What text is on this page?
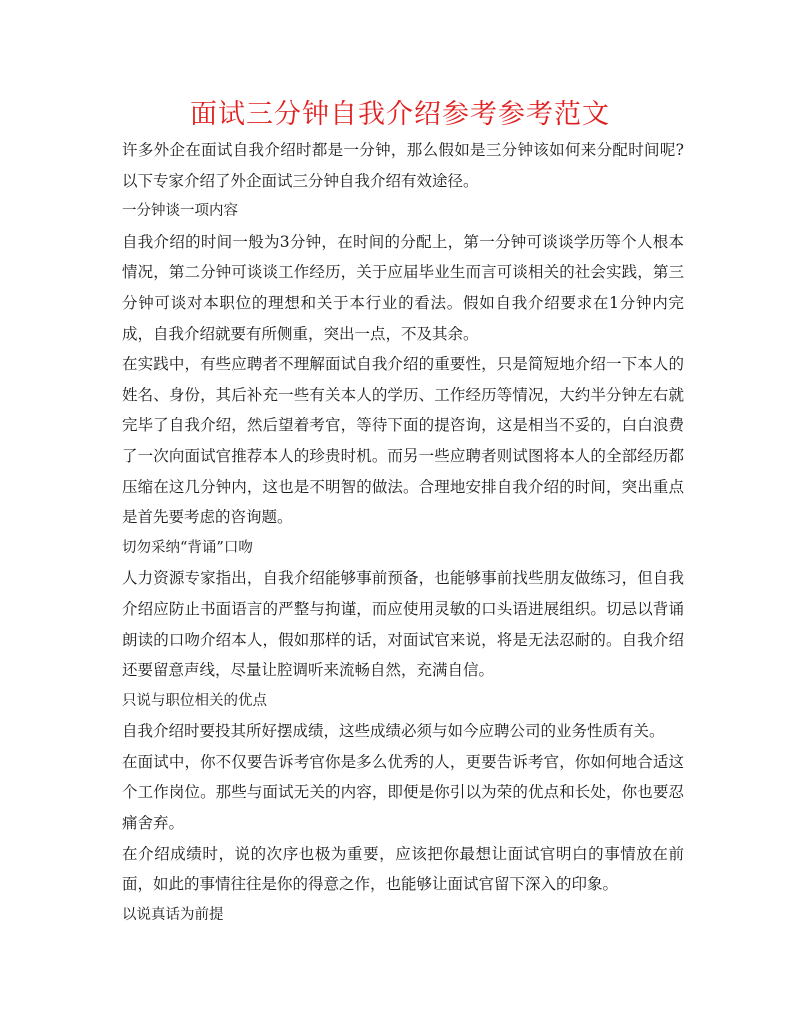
面试三分钟自我介绍参考参考范文

许多外企在面试自我介绍时都是一分钟，那么假如是三分钟该如何来分配时间呢?以下专家介绍了外企面试三分钟自我介绍有效途径。

一分钟谈一项内容

自我介绍的时间一般为3分钟，在时间的分配上，第一分钟可谈谈学历等个人根本情况，第二分钟可谈谈工作经历，关于应届毕业生而言可谈相关的社会实践，第三分钟可谈对本职位的理想和关于本行业的看法。假如自我介绍要求在1分钟内完成，自我介绍就要有所侧重，突出一点，不及其余。

在实践中，有些应聘者不理解面试自我介绍的重要性，只是简短地介绍一下本人的姓名、身份，其后补充一些有关本人的学历、工作经历等情况，大约半分钟左右就完毕了自我介绍，然后望着考官，等待下面的提咨询，这是相当不妥的，白白浪费了一次向面试官推荐本人的珍贵时机。而另一些应聘者则试图将本人的全部经历都压缩在这几分钟内，这也是不明智的做法。合理地安排自我介绍的时间，突出重点是首先要考虑的咨询题。

切勿采纳“背诵”口吻

人力资源专家指出，自我介绍能够事前预备，也能够事前找些朋友做练习，但自我介绍应防止书面语言的严整与拘谨，而应使用灵敏的口头语进展组织。切忌以背诵朗读的口吻介绍本人，假如那样的话，对面试官来说，将是无法忍耐的。自我介绍还要留意声线，尽量让腔调听来流畅自然，充满自信。

只说与职位相关的优点

自我介绍时要投其所好摆成绩，这些成绩必须与如今应聘公司的业务性质有关。

在面试中，你不仅要告诉考官你是多么优秀的人，更要告诉考官，你如何地合适这个工作岗位。那些与面试无关的内容，即便是你引以为荣的优点和长处，你也要忍痛舍弃。

在介绍成绩时，说的次序也极为重要，应该把你最想让面试官明白的事情放在前面，如此的事情往往是你的得意之作，也能够让面试官留下深入的印象。

以说真话为前提
